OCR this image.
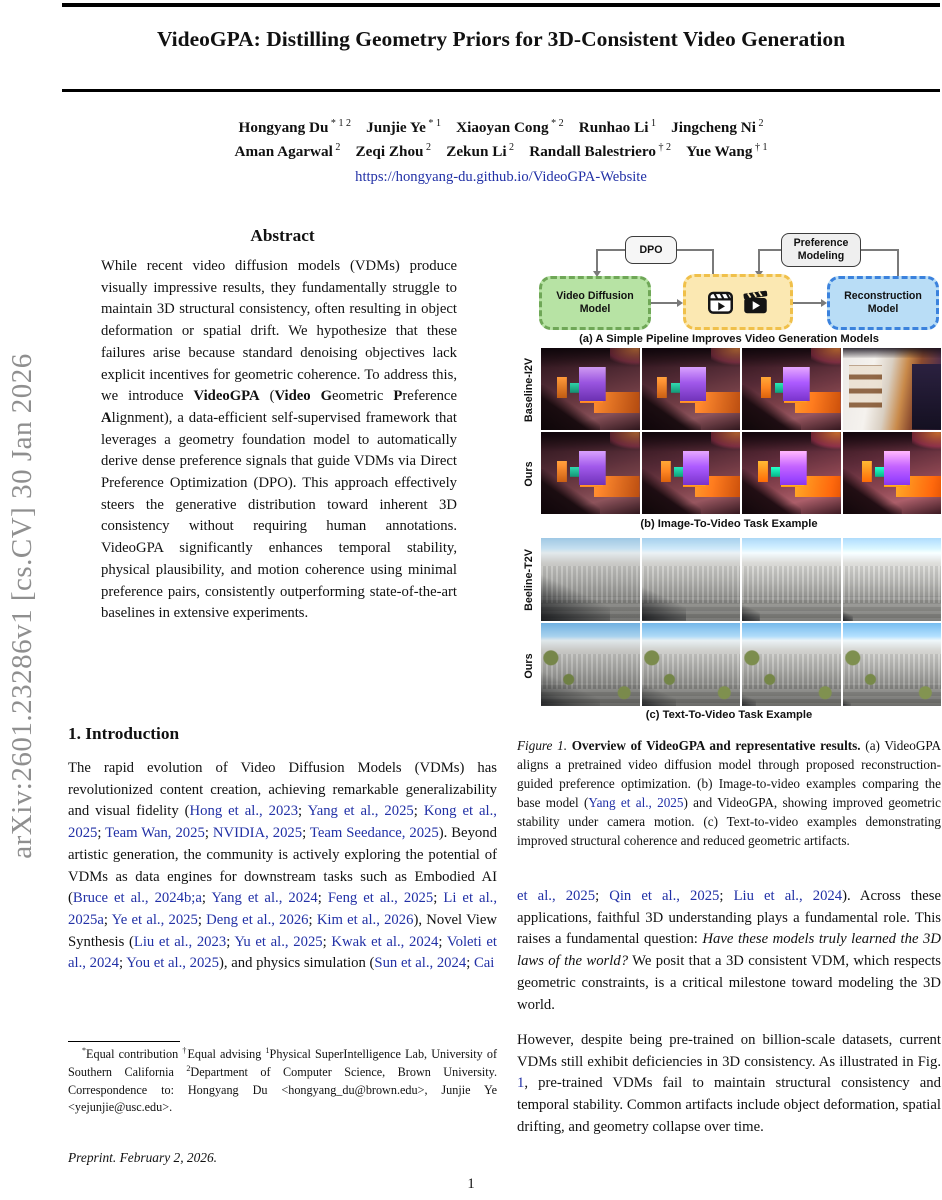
VideoGPA: Distilling Geometry Priors for 3D-Consistent Video Generation
Hongyang Du $^{* 1 2}$  Junjie Ye $^{* 1}$  Xiaoyan Cong $^{* 2}$  Runhao Li $^1$  Jingcheng Ni $^2$
Aman Agarwal $^2$  Zeqi Zhou $^2$  Zekun Li $^2$  Randall Balestriero $^{\dagger 2}$  Yue Wang $^{\dagger 1}$
https://hongyang-du.github.io/VideoGPA-Website
arXiv:2601.23286v1 [cs.CV] 30 Jan 2026
Abstract

While recent video diffusion models (VDMs) produce visually impressive results, they fundamentally struggle to maintain 3D structural consistency, often resulting in object deformation or spatial drift. We hypothesize that these failures arise because standard denoising objectives lack explicit incentives for geometric coherence. To address this, we introduce VideoGPA (Video Geometric Preference Alignment), a data-efficient self-supervised framework that leverages a geometry foundation model to automatically derive dense preference signals that guide VDMs via Direct Preference Optimization (DPO). This approach effectively steers the generative distribution toward inherent 3D consistency without requiring human annotations. VideoGPA significantly enhances temporal stability, physical plausibility, and motion coherence using minimal preference pairs, consistently outperforming state-of-the-art baselines in extensive experiments.

1. Introduction

The rapid evolution of Video Diffusion Models (VDMs) has revolutionized content creation, achieving remarkable generalizability and visual fidelity (Hong et al., 2023; Yang et al., 2025; Kong et al., 2025; Team Wan, 2025; NVIDIA, 2025; Team Seedance, 2025). Beyond artistic generation, the community is actively exploring the potential of VDMs as data engines for downstream tasks such as Embodied AI (Bruce et al., 2024b;a; Yang et al., 2024; Feng et al., 2025; Li et al., 2025a; Ye et al., 2025; Deng et al., 2026; Kim et al., 2026), Novel View Synthesis (Liu et al., 2023; Yu et al., 2025; Kwak et al., 2024; Voleti et al., 2024; You et al., 2025), and physics simulation (Sun et al., 2024; Cai

*Equal contribution †Equal advising $^1$Physical SuperIntelligence Lab, University of Southern California $^2$Department of Computer Science, Brown University. Correspondence to: Hongyang Du <hongyang_du@brown.edu>, Junjie Ye <yejunjie@usc.edu>.

Preprint. February 2, 2026.

DPO
Preference Modeling
Video Diffusion Model
Reconstruction Model
(a) A Simple Pipeline Improves Video Generation Models
Baseline-I2V
Ours
(b) Image-To-Video Task Example
Beeline-T2V
Ours
(c) Text-To-Video Task Example

Figure 1. Overview of VideoGPA and representative results. (a) VideoGPA aligns a pretrained video diffusion model through proposed reconstruction-guided preference optimization. (b) Image-to-video examples comparing the base model (Yang et al., 2025) and VideoGPA, showing improved geometric stability under camera motion. (c) Text-to-video examples demonstrating improved structural coherence and reduced geometric artifacts.

et al., 2025; Qin et al., 2025; Liu et al., 2024). Across these applications, faithful 3D understanding plays a fundamental role. This raises a fundamental question: Have these models truly learned the 3D laws of the world? We posit that a 3D consistent VDM, which respects geometric constraints, is a critical milestone toward modeling the 3D world.

However, despite being pre-trained on billion-scale datasets, current VDMs still exhibit deficiencies in 3D consistency. As illustrated in Fig. 1, pre-trained VDMs fail to maintain structural consistency and temporal stability. Common artifacts include object deformation, spatial drifting, and geometry collapse over time.

1
